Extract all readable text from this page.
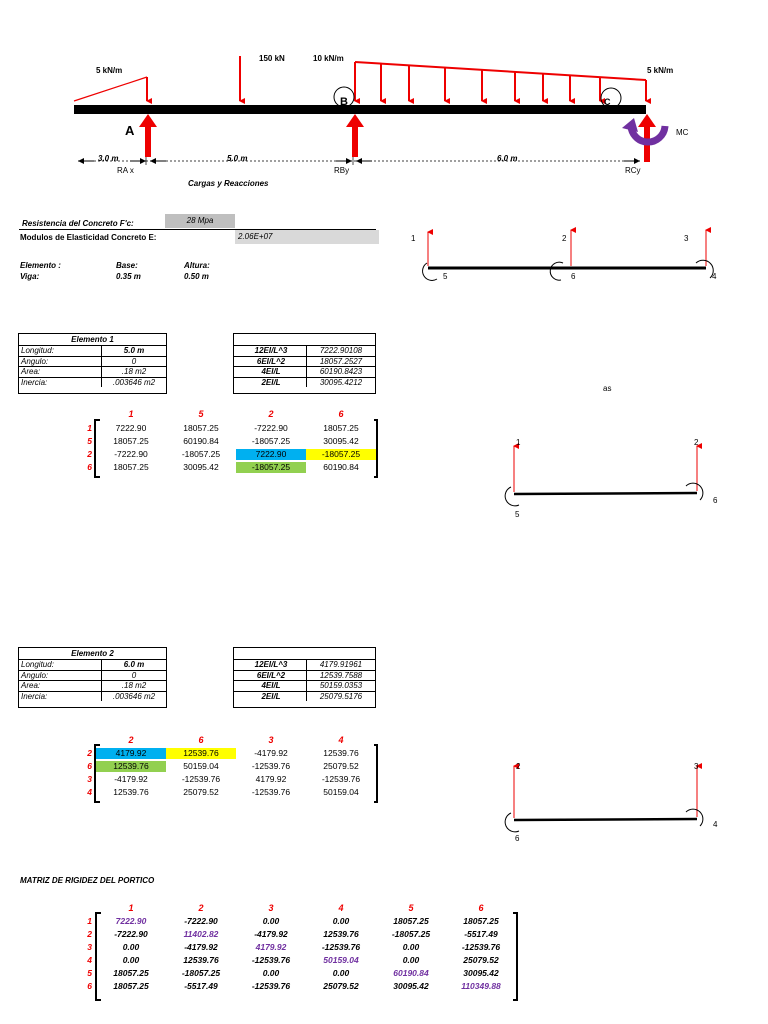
5 kN/m
150 kN	10 kN/m
5 kN/m
B	C
A	MC
3.0 m	5.0 m	6.0 m
RA x	RBy	RCy
Cargas y Reacciones
Resistencia del Concreto F'c:	28 Mpa
Modulos de Elasticidad Concreto E:	2.06E+07
Elemento :
Viga:
Base:
0.35 m
Altura:
0.50 m
1	2	3
4
5	6
as
1	2
5
6
2	3
6
4
Elemento 1
Longitud:	5.0 m
Angulo:	0
Area:	.18 m2
Inercia:	.003646 m2
12EI/L^3	7222.90108
6EI/L^2	18057.2527
4EI/L	60190.8423
2EI/L	30095.4212
1	5	2	6
1
5
2
6
7222.90	18057.25	-7222.90	18057.25
18057.25	60190.84	-18057.25	30095.42
-7222.90	-18057.25	7222.90	-18057.25
18057.25	30095.42	-18057.25	60190.84
Elemento 2
Longitud:	6.0 m
Angulo:	0
Area:	.18 m2
Inercia:	.003646 m2
12EI/L^3	4179.91961
6EI/L^2	12539.7588
4EI/L	50159.0353
2EI/L	25079.5176
2	6	3	4
2
6
3
4
4179.92	12539.76	-4179.92	12539.76
12539.76	50159.04	-12539.76	25079.52
-4179.92	-12539.76	4179.92	-12539.76
12539.76	25079.52	-12539.76	50159.04
MATRIZ DE RIGIDEZ DEL PORTICO
1	2	3	4	5	6
1
2
3
4
5
6
7222.90	-7222.90	0.00	0.00	18057.25	18057.25
-7222.90	11402.82	-4179.92	12539.76	-18057.25	-5517.49
0.00	-4179.92	4179.92	-12539.76	0.00	-12539.76
0.00	12539.76	-12539.76	50159.04	0.00	25079.52
18057.25	-18057.25	0.00	0.00	60190.84	30095.42
18057.25	-5517.49	-12539.76	25079.52	30095.42	110349.88
